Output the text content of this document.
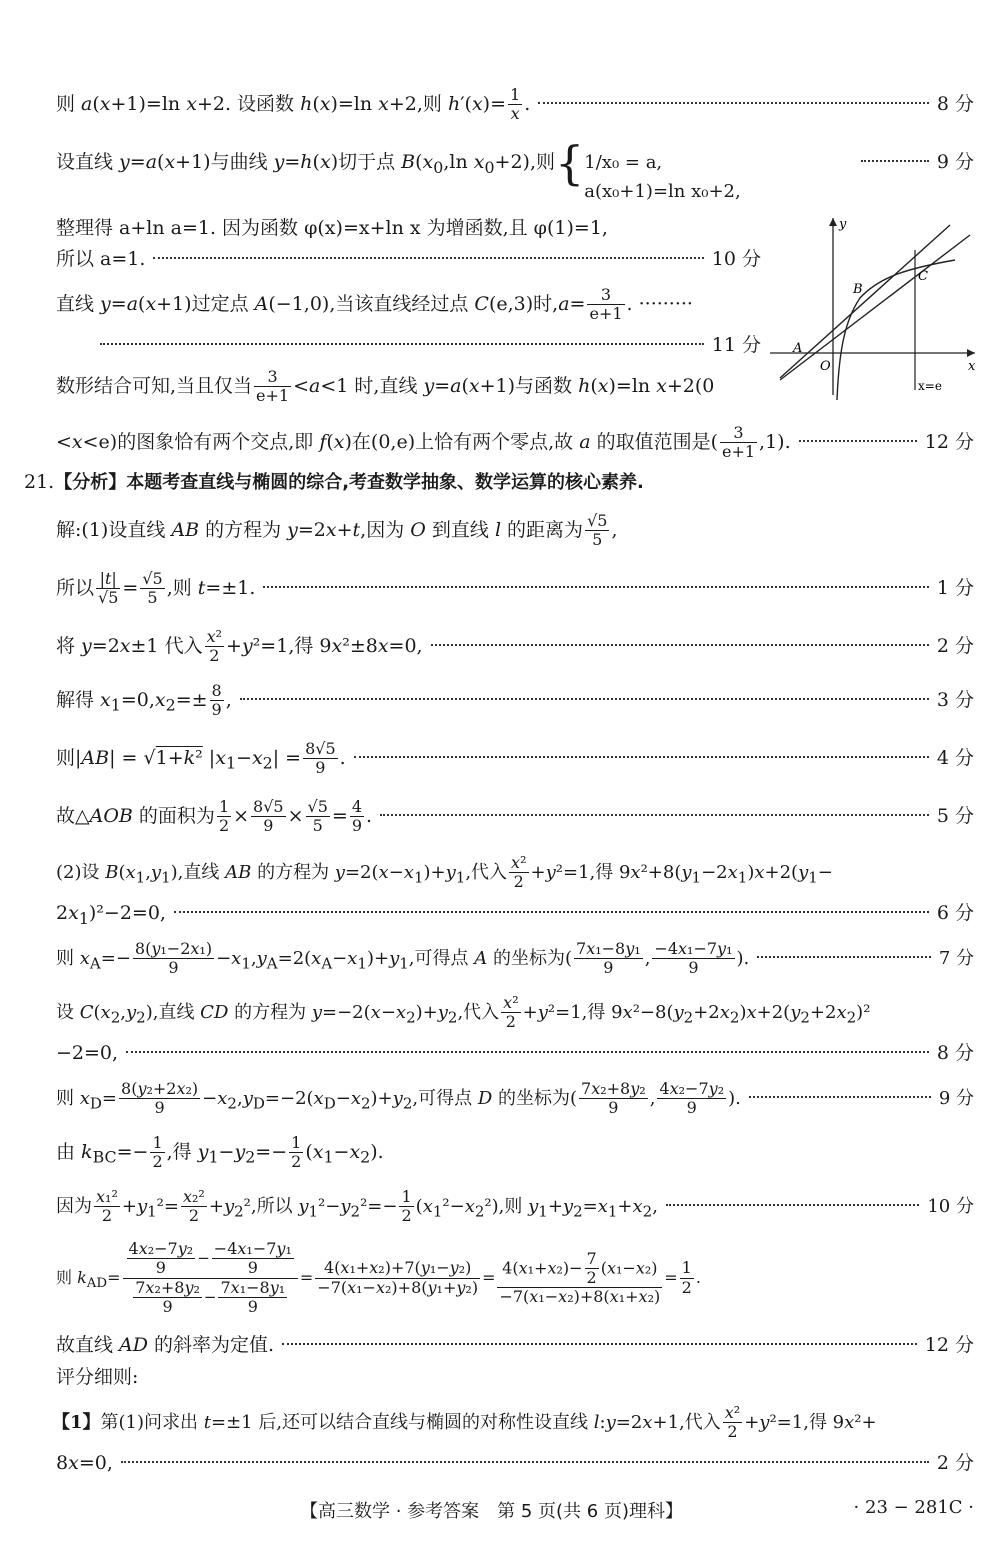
则 a(x+1)=ln x+2. 设函数 h(x)=ln x+2,则 $h'(x)= \frac{1}{x}$ .	8 分
设直线 y=a(x+1)与曲线 y=h(x)切于点 $B(x_0,\ln$ $x_0+2$),则{ 1/x₀ = a,
a(x₀+1)=ln x₀+2,
9 分
整理得 a+ln a=1. 因为函数 φ(x)=x+ln x 为增函数,且 φ(1)=1,
所以 a=1.	10 分
直线 y=a(x+1)过定点 A(−1,0),当该直线经过点 C(e,3)时$,a= \frac{3}{e+1}$ . ·········
11 分
数形结合可知,当且仅当 $\frac{3}{e+1} <a<1$ 时,直线 y=a(x+1)与函数 h(x)=ln x+2(0
<x<e)的图象恰有两个交点,即 f(x)在(0,e)上恰有两个零点,故 a 的取值范围是( $\frac{3}{e+1} ,1$).	12 分
y
x
A
B
C
O
x=e
21.【分析】本题考查直线与椭圆的综合,考查数学抽象、数学运算的核心素养.
解:(1)设直线 AB 的方程为 y=2x+t,因为 O 到直线 l 的距离为 $\frac{√5}{5}$ ,
所以 $\frac{|t|}{√5} = \frac{√5}{5}$ ,则 t=±1.	1 分
将 y=2x±1 代入 $\frac{\text{x²}}{2} +y^2=1$,得 9x²±8x=0,	2 分
解得 $x_1=0,x_2=\pm \frac{8}{9}$ ,	3 分
则|AB| = √1+k² $|x_1-x_2| = \frac{8√5}{9}$ .	4 分
故△AOB 的面积为 $\frac{1}{2} \times \frac{8√5}{9} \times \frac{√5}{5} = \frac{4}{9}$ .	5 分
(2)设 $B(x_1,y_1)$,直线 AB 的方程为 $y=2(x-x_1)+y_1$,代入 $\frac{\text{x²}}{2} +y^2=1$,得 $9x^2+8(y_1-2x_1)x+2(y_1-$
$2x_1)^2-2=0$,	6 分
则 $x_A=- \frac{\text{8(y₁−2x₁)}}{9} -x_1,y_A=2(x_A-x_1)+y_1$,可得点 A 的坐标为( $\frac{\text{7x₁−8y₁}}{9}$ , $\frac{\text{−4x₁−7y₁}}{9}$ ).	7 分
设 $C(x_2,y_2)$,直线 CD 的方程为 $y=-2(x-x_2)+y_2$,代入 $\frac{\text{x²}}{2} +y^2=1$,得 $9x^2-8(y_2+2x_2)x+2(y_2+2x_2)^2$
−2=0,	8 分
则 $x_D= \frac{\text{8(y₂+2x₂)}}{9} -x_2,y_D=-2(x_D-x_2)+y_2$,可得点 D 的坐标为( $\frac{\text{7x₂+8y₂}}{9}$ , $\frac{\text{4x₂−7y₂}}{9}$ ).	9 分
由 $k_{BC}=- \frac{1}{2}$ ,得 $y_1-y_2=- \frac{1}{2} (x_1-x_2)$.
因为 $\frac{\text{x₁²}}{2} +y_1^2= \frac{\text{x₂²}}{2} +y_2^2$,所以 $y_1^2-y_2^2=- \frac{1}{2} (x_1^2-x_2^2)$,则 $y_1+y_2=x_1+x_2$,	10 分
则 $k_{AD}= \frac{\frac{\text{4x₂−7y₂}}{9} - \frac{\text{−4x₁−7y₁}}{9}}{\frac{\text{7x₂+8y₂}}{9} - \frac{\text{7x₁−8y₁}}{9}} = \frac{\text{4(x₁+x₂)+7(y₁−y₂)}}{\text{−7(x₁−x₂)+8(y₁+y₂)}} = \frac{4(x_1+x_2)- \frac{7}{2} (x_1-x_2)}{\text{−7(x₁−x₂)+8(x₁+x₂)}} = \frac{1}{2}$ .
故直线 AD 的斜率为定值.	12 分
评分细则:
【1】第(1)问求出 t=±1 后,还可以结合直线与椭圆的对称性设直线 l:y=2x+1,代入 $\frac{\text{x²}}{2} +y^2=1$,得 9x²+
8x=0,	2 分
【高三数学 · 参考答案　第 5 页(共 6 页)理科】	· 23 − 281C ·
